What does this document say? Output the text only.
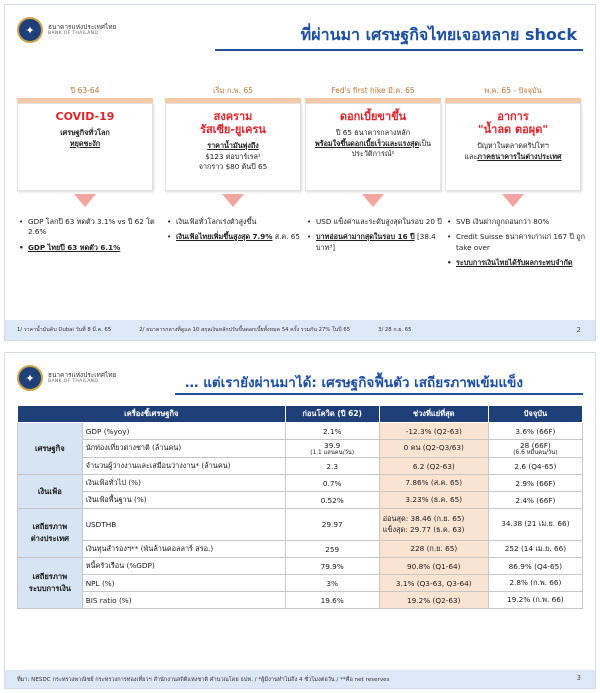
✦	ธนาคารแห่งประเทศไทย
BANK OF THAILAND	ที่ผ่านมา เศรษฐกิจไทยเจอหลาย shock
ปี 63-64
COVID-19
เศรษฐกิจทั่วโลก
หยุดชะงัก
• GDP โลกปี 63 หดตัว 3.1% vs ปี 62 โต 2.6%
• GDP ไทยปี 63 หดตัว 6.1%
เริ่ม ก.พ. 65
สงคราม
รัสเซีย-ยูเครน
ราคาน้ำมันพุ่งถึง
$123 ต่อบาร์เรล¹
จากราว $80 ต้นปี 65
• เงินเฟ้อทั่วโลกเร่งตัวสูงขึ้น
• เงินเฟ้อไทยเพิ่มขึ้นสูงสุด 7.9% ส.ค. 65
Fed's first hike มี.ค. 65
ดอกเบี้ยขาขึ้น
ปี 65 ธนาคารกลางหลัก
พร้อมใจขึ้นดอกเบี้ยเร็วและแรงสุดเป็นประวัติการณ์²
• USD แข็งค่าและระดับสูงสุดในรอบ 20 ปี
• บาทอ่อนค่ามากสุดในรอบ 16 ปี [38.4 บาท³]
พ.ค. 65 - ปัจจุบัน
อาการ
"น้ำลด ตอผุด"
ปัญหาในตลาดคริปโทฯ
และภาคธนาคารในต่างประเทศ
• SVB เงินฝากถูกถอนกว่า 80%
• Credit Suisse ธนาคารเก่าแก่ 167 ปี ถูก take over
• ระบบการเงินไทยได้รับผลกระทบจำกัด
1/ ราคาน้ำมันดิบ Dubai วันที่ 8 มี.ค. 65	2/ ธนาคารกลางที่ดูแล 10 สกุลเงินหลักปรับขึ้นดอกเบี้ยทั้งหมด 54 ครั้ง รวมกัน 27% ในปี 65	3/ 28 ก.ย. 65	2
✦	ธนาคารแห่งประเทศไทย
BANK OF THAILAND	… แต่เรายังผ่านมาได้: เศรษฐกิจฟื้นตัว เสถียรภาพเข้มแข็ง
เครื่องชี้เศรษฐกิจ		ก่อนโควิด (ปี 62)	ช่วงที่แย่ที่สุด	ปัจจุบัน
เศรษฐกิจ	GDP (%yoy)	2.1%	-12.3% (Q2-63)	3.6% (66F)
	นักท่องเที่ยวต่างชาติ (ล้านคน)	39.9
(1.1 แสนคน/วัน)	0 คน (Q2-Q3/63)	28 (66F)
(6.6 หมื่นคน/วัน)

	จำนวนผู้ว่างงานและเสมือนว่างงาน* (ล้านคน)	2.3	6.2 (Q2-63)	2.6 (Q4-65)
เงินเฟ้อ	เงินเฟ้อทั่วไป (%)	0.7%	7.86% (ส.ค. 65)	2.9% (66F)
	เงินเฟ้อพื้นฐาน (%)	0.52%	3.23% (ธ.ค. 65)	2.4% (66F)
เสถียรภาพ
ต่างประเทศ	USDTHB	29.97	อ่อนสุด: 38.46 (ก.ย. 65)
แข็งสุด: 29.77 (ธ.ค. 63)	34.38 (21 เม.ย. 66)
	เงินทุนสำรองฯ** (พันล้านดอลลาร์ สรอ.)	259	228 (ก.ย. 65)	252 (14 เม.ย. 66)
เสถียรภาพ
ระบบการเงิน	หนี้ครัวเรือน (%GDP)	79.9%	90.8% (Q1-64)	86.9% (Q4-65)
	NPL (%)	3%	3.1% (Q3-63, Q3-64)	2.8% (ก.พ. 66)
	BIS ratio (%)	19.6%	19.2% (Q2-63)	19.2% (ก.พ. 66)
ที่มา: NESDC กระทรวงพาณิชย์ กระทรวงการท่องเที่ยวฯ สำนักงานสถิติแห่งชาติ คำนวณโดย ธปท. / *ผู้มีงานทำไม่ถึง 4 ชั่วโมงต่อวัน / **คือ net reserves	3
